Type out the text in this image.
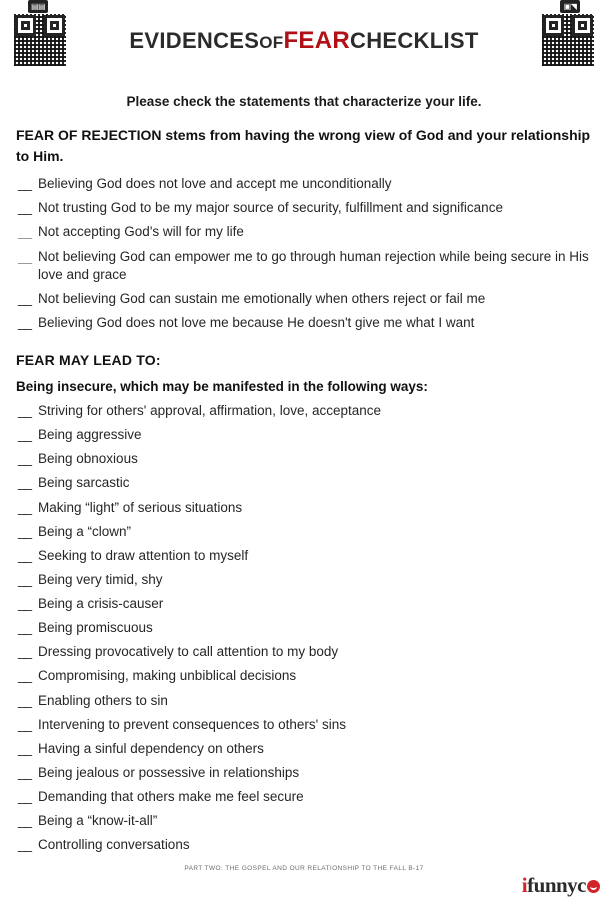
▤▤	▣◥
EVIDENCESOFFEARCHECKLIST
Please check the statements that characterize your life.
FEAR OF REJECTION stems from having the wrong view of God and your relationship to Him.
__ Believing God does not love and accept me unconditionally
__ Not trusting God to be my major source of security, fulfillment and significance
__ Not accepting God's will for my life
__ Not believing God can empower me to go through human rejection while being secure in His love and grace
__ Not believing God can sustain me emotionally when others reject or fail me
__ Believing God does not love me because He doesn't give me what I want
FEAR MAY LEAD TO:
Being insecure, which may be manifested in the following ways:
__ Striving for others' approval, affirmation, love, acceptance
__ Being aggressive
__ Being obnoxious
__ Being sarcastic
__ Making “light” of serious situations
__ Being a “clown”
__ Seeking to draw attention to myself
__ Being very timid, shy
__ Being a crisis-causer
__ Being promiscuous
__ Dressing provocatively to call attention to my body
__ Compromising, making unbiblical decisions
__ Enabling others to sin
__ Intervening to prevent consequences to others' sins
__ Having a sinful dependency on others
__ Being jealous or possessive in relationships
__ Demanding that others make me feel secure
__ Being a “know-it-all”
__ Controlling conversations
PART TWO: THE GOSPEL AND OUR RELATIONSHIP TO THE FALL B-17
ifunnyc
